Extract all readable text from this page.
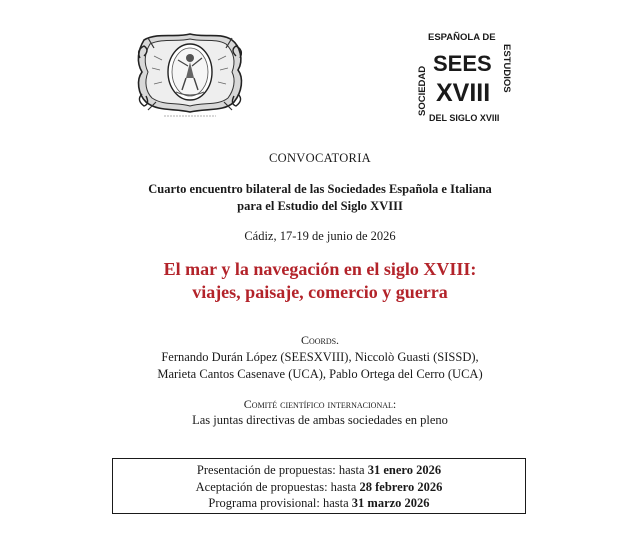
ESPAÑOLA DE
SOCIEDAD
SEES ESTUDIOS
XVIII
DEL SIGLO XVIII
CONVOCATORIA
Cuarto encuentro bilateral de las Sociedades Española e Italiana
para el Estudio del Siglo XVIII
Cádiz, 17-19 de junio de 2026
El mar y la navegación en el siglo XVIII:
viajes, paisaje, comercio y guerra
Coords.
Fernando Durán López (SEESXVIII), Niccolò Guasti (SISSD),
Marieta Cantos Casenave (UCA), Pablo Ortega del Cerro (UCA)
Comité científico internacional:
Las juntas directivas de ambas sociedades en pleno
Presentación de propuestas: hasta 31 enero 2026
Aceptación de propuestas: hasta 28 febrero 2026
Programa provisional: hasta 31 marzo 2026
